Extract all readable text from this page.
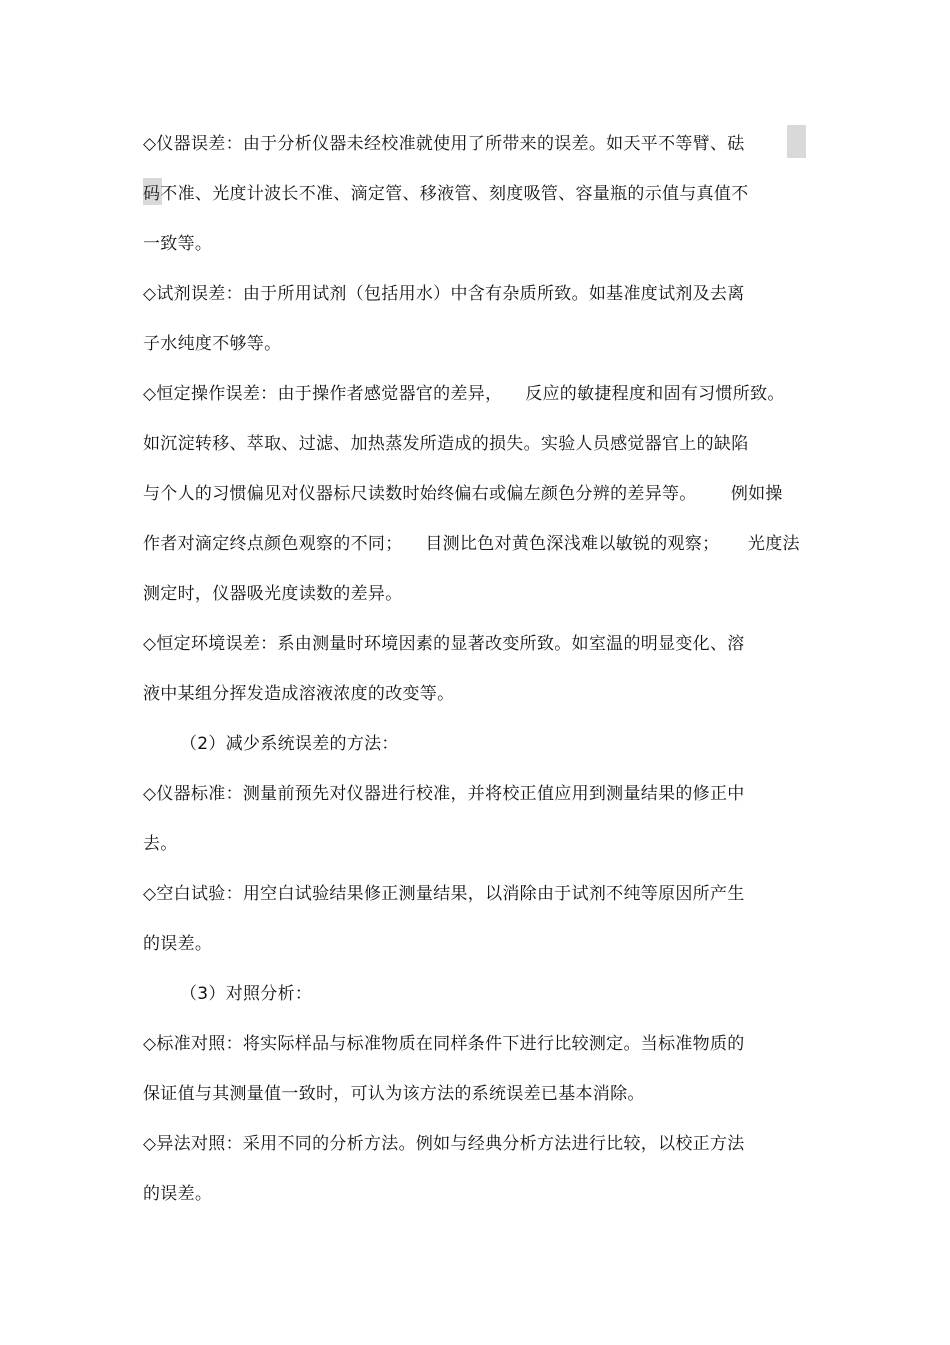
◇仪器误差：由于分析仪器未经校准就使用了所带来的误差。如天平不等臂、砝
码不准、光度计波长不准、滴定管、移液管、刻度吸管、容量瓶的示值与真值不
一致等。
◇试剂误差：由于所用试剂（包括用水）中含有杂质所致。如基准度试剂及去离
子水纯度不够等。
◇恒定操作误差：由于操作者感觉器官的差异，    反应的敏捷程度和固有习惯所致。
如沉淀转移、萃取、过滤、加热蒸发所造成的损失。实验人员感觉器官上的缺陷
与个人的习惯偏见对仪器标尺读数时始终偏右或偏左颜色分辨的差异等。      例如操
作者对滴定终点颜色观察的不同；    目测比色对黄色深浅难以敏锐的观察；     光度法
测定时，仪器吸光度读数的差异。
◇恒定环境误差：系由测量时环境因素的显著改变所致。如室温的明显变化、溶
液中某组分挥发造成溶液浓度的改变等。
（2）减少系统误差的方法：
◇仪器标准：测量前预先对仪器进行校准，并将校正值应用到测量结果的修正中
去。
◇空白试验：用空白试验结果修正测量结果，以消除由于试剂不纯等原因所产生
的误差。
（3）对照分析：
◇标准对照：将实际样品与标准物质在同样条件下进行比较测定。当标准物质的
保证值与其测量值一致时，可认为该方法的系统误差已基本消除。
◇异法对照：采用不同的分析方法。例如与经典分析方法进行比较，以校正方法
的误差。
